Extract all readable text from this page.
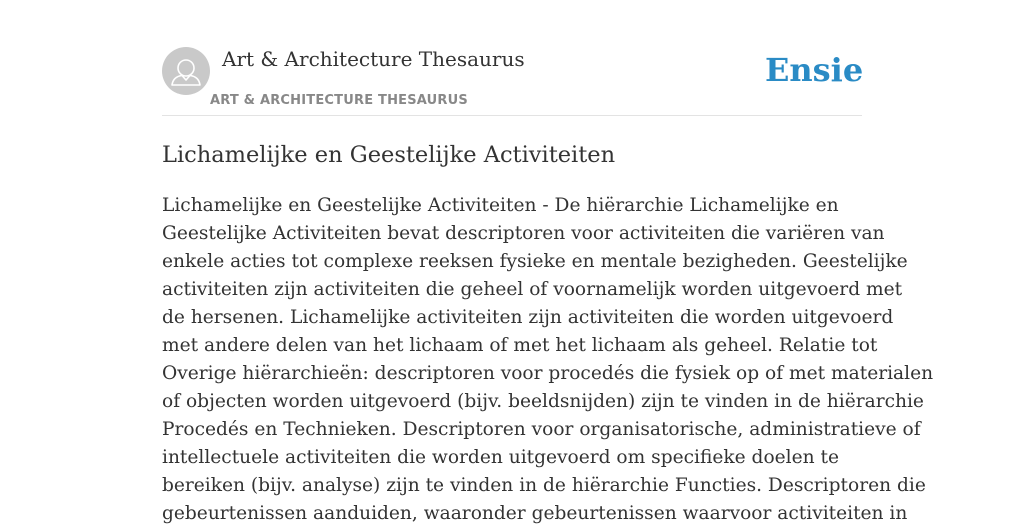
Art & Architecture Thesaurus
ART & ARCHITECTURE THESAURUS
Ensie
Lichamelijke en Geestelijke Activiteiten
Lichamelijke en Geestelijke Activiteiten - De hiërarchie Lichamelijke en
Geestelijke Activiteiten bevat descriptoren voor activiteiten die variëren van
enkele acties tot complexe reeksen fysieke en mentale bezigheden. Geestelijke
activiteiten zijn activiteiten die geheel of voornamelijk worden uitgevoerd met
de hersenen. Lichamelijke activiteiten zijn activiteiten die worden uitgevoerd
met andere delen van het lichaam of met het lichaam als geheel. Relatie tot
Overige hiërarchieën: descriptoren voor procedés die fysiek op of met materialen
of objecten worden uitgevoerd (bijv. beeldsnijden) zijn te vinden in de hiërarchie
Procedés en Technieken. Descriptoren voor organisatorische, administratieve of
intellectuele activiteiten die worden uitgevoerd om specifieke doelen te
bereiken (bijv. analyse) zijn te vinden in de hiërarchie Functies. Descriptoren die
gebeurtenissen aanduiden, waaronder gebeurtenissen waarvoor activiteiten in
